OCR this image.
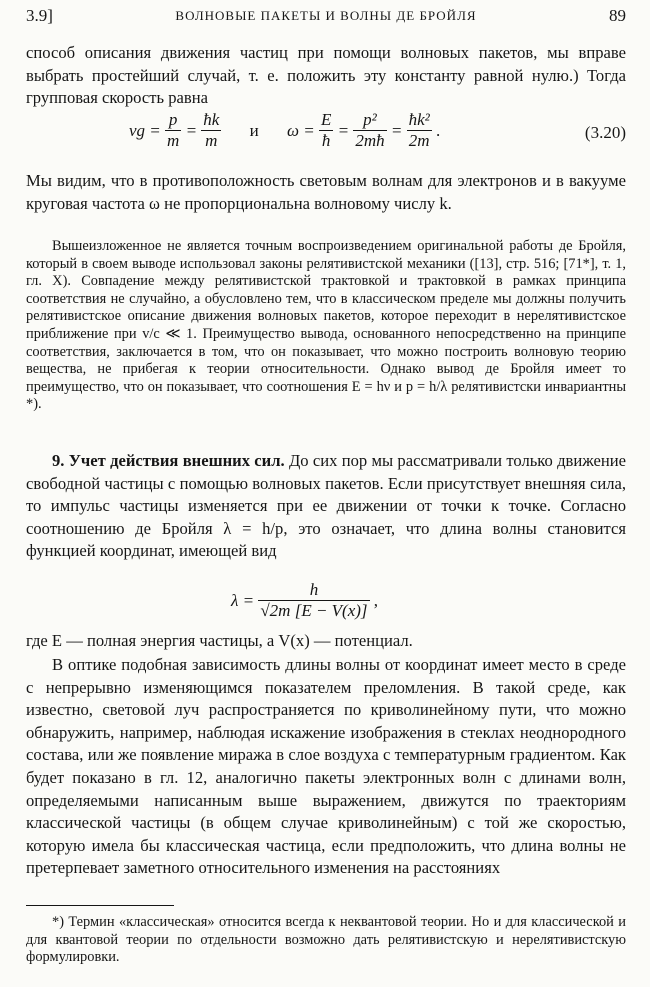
3.9]	ВОЛНОВЫЕ ПАКЕТЫ И ВОЛНЫ ДЕ БРОЙЛЯ	89

способ описания движения частиц при помощи волновых пакетов, мы вправе выбрать простейший случай, т. е. положить эту константу равной нулю.) Тогда групповая скорость равна

vg = $\frac{p}{m} = \frac{ħk}{m}$ и $\omega = \frac{E}{ħ} = \frac{\text{p²}}{2mħ} = \frac{\text{ħk²}}{2m}$ .	(3.20)

Мы видим, что в противоположность световым волнам для электронов и в вакууме круговая частота ω не пропорциональна волновому числу k.

Вышеизложенное не является точным воспроизведением оригинальной работы де Бройля, который в своем выводе использовал законы релятивистской механики ([13], стр. 516; [71*], т. 1, гл. X). Совпадение между релятивистской трактовкой и трактовкой в рамках принципа соответствия не случайно, а обусловлено тем, что в классическом пределе мы должны получить релятивистское описание движения волновых пакетов, которое переходит в нерелятивистское приближение при v/c ≪ 1. Преимущество вывода, основанного непосредственно на принципе соответствия, заключается в том, что он показывает, что можно построить волновую теорию вещества, не прибегая к теории относительности. Однако вывод де Бройля имеет то преимущество, что он показывает, что соотношения E = hν и p = h/λ релятивистски инвариантны *).

9. Учет действия внешних сил. До сих пор мы рассматривали только движение свободной частицы с помощью волновых пакетов. Если присутствует внешняя сила, то импульс частицы изменяется при ее движении от точки к точке. Согласно соотношению де Бройля λ = h/p, это означает, что длина волны становится функцией координат, имеющей вид

$\lambda = \frac{h}{√2m [E - V(x)]}$ ,

где E — полная энергия частицы, а V(x) — потенциал.

В оптике подобная зависимость длины волны от координат имеет место в среде с непрерывно изменяющимся показателем преломления. В такой среде, как известно, световой луч распространяется по криволинейному пути, что можно обнаружить, например, наблюдая искажение изображения в стеклах неоднородного состава, или же появление миража в слое воздуха с температурным градиентом. Как будет показано в гл. 12, аналогично пакеты электронных волн с длинами волн, определяемыми написанным выше выражением, движутся по траекториям классической частицы (в общем случае криволинейным) с той же скоростью, которую имела бы классическая частица, если предположить, что длина волны не претерпевает заметного относительного изменения на расстояниях

*) Термин «классическая» относится всегда к неквантовой теории. Но и для классической и для квантовой теории по отдельности возможно дать релятивистскую и нерелятивистскую формулировки.
